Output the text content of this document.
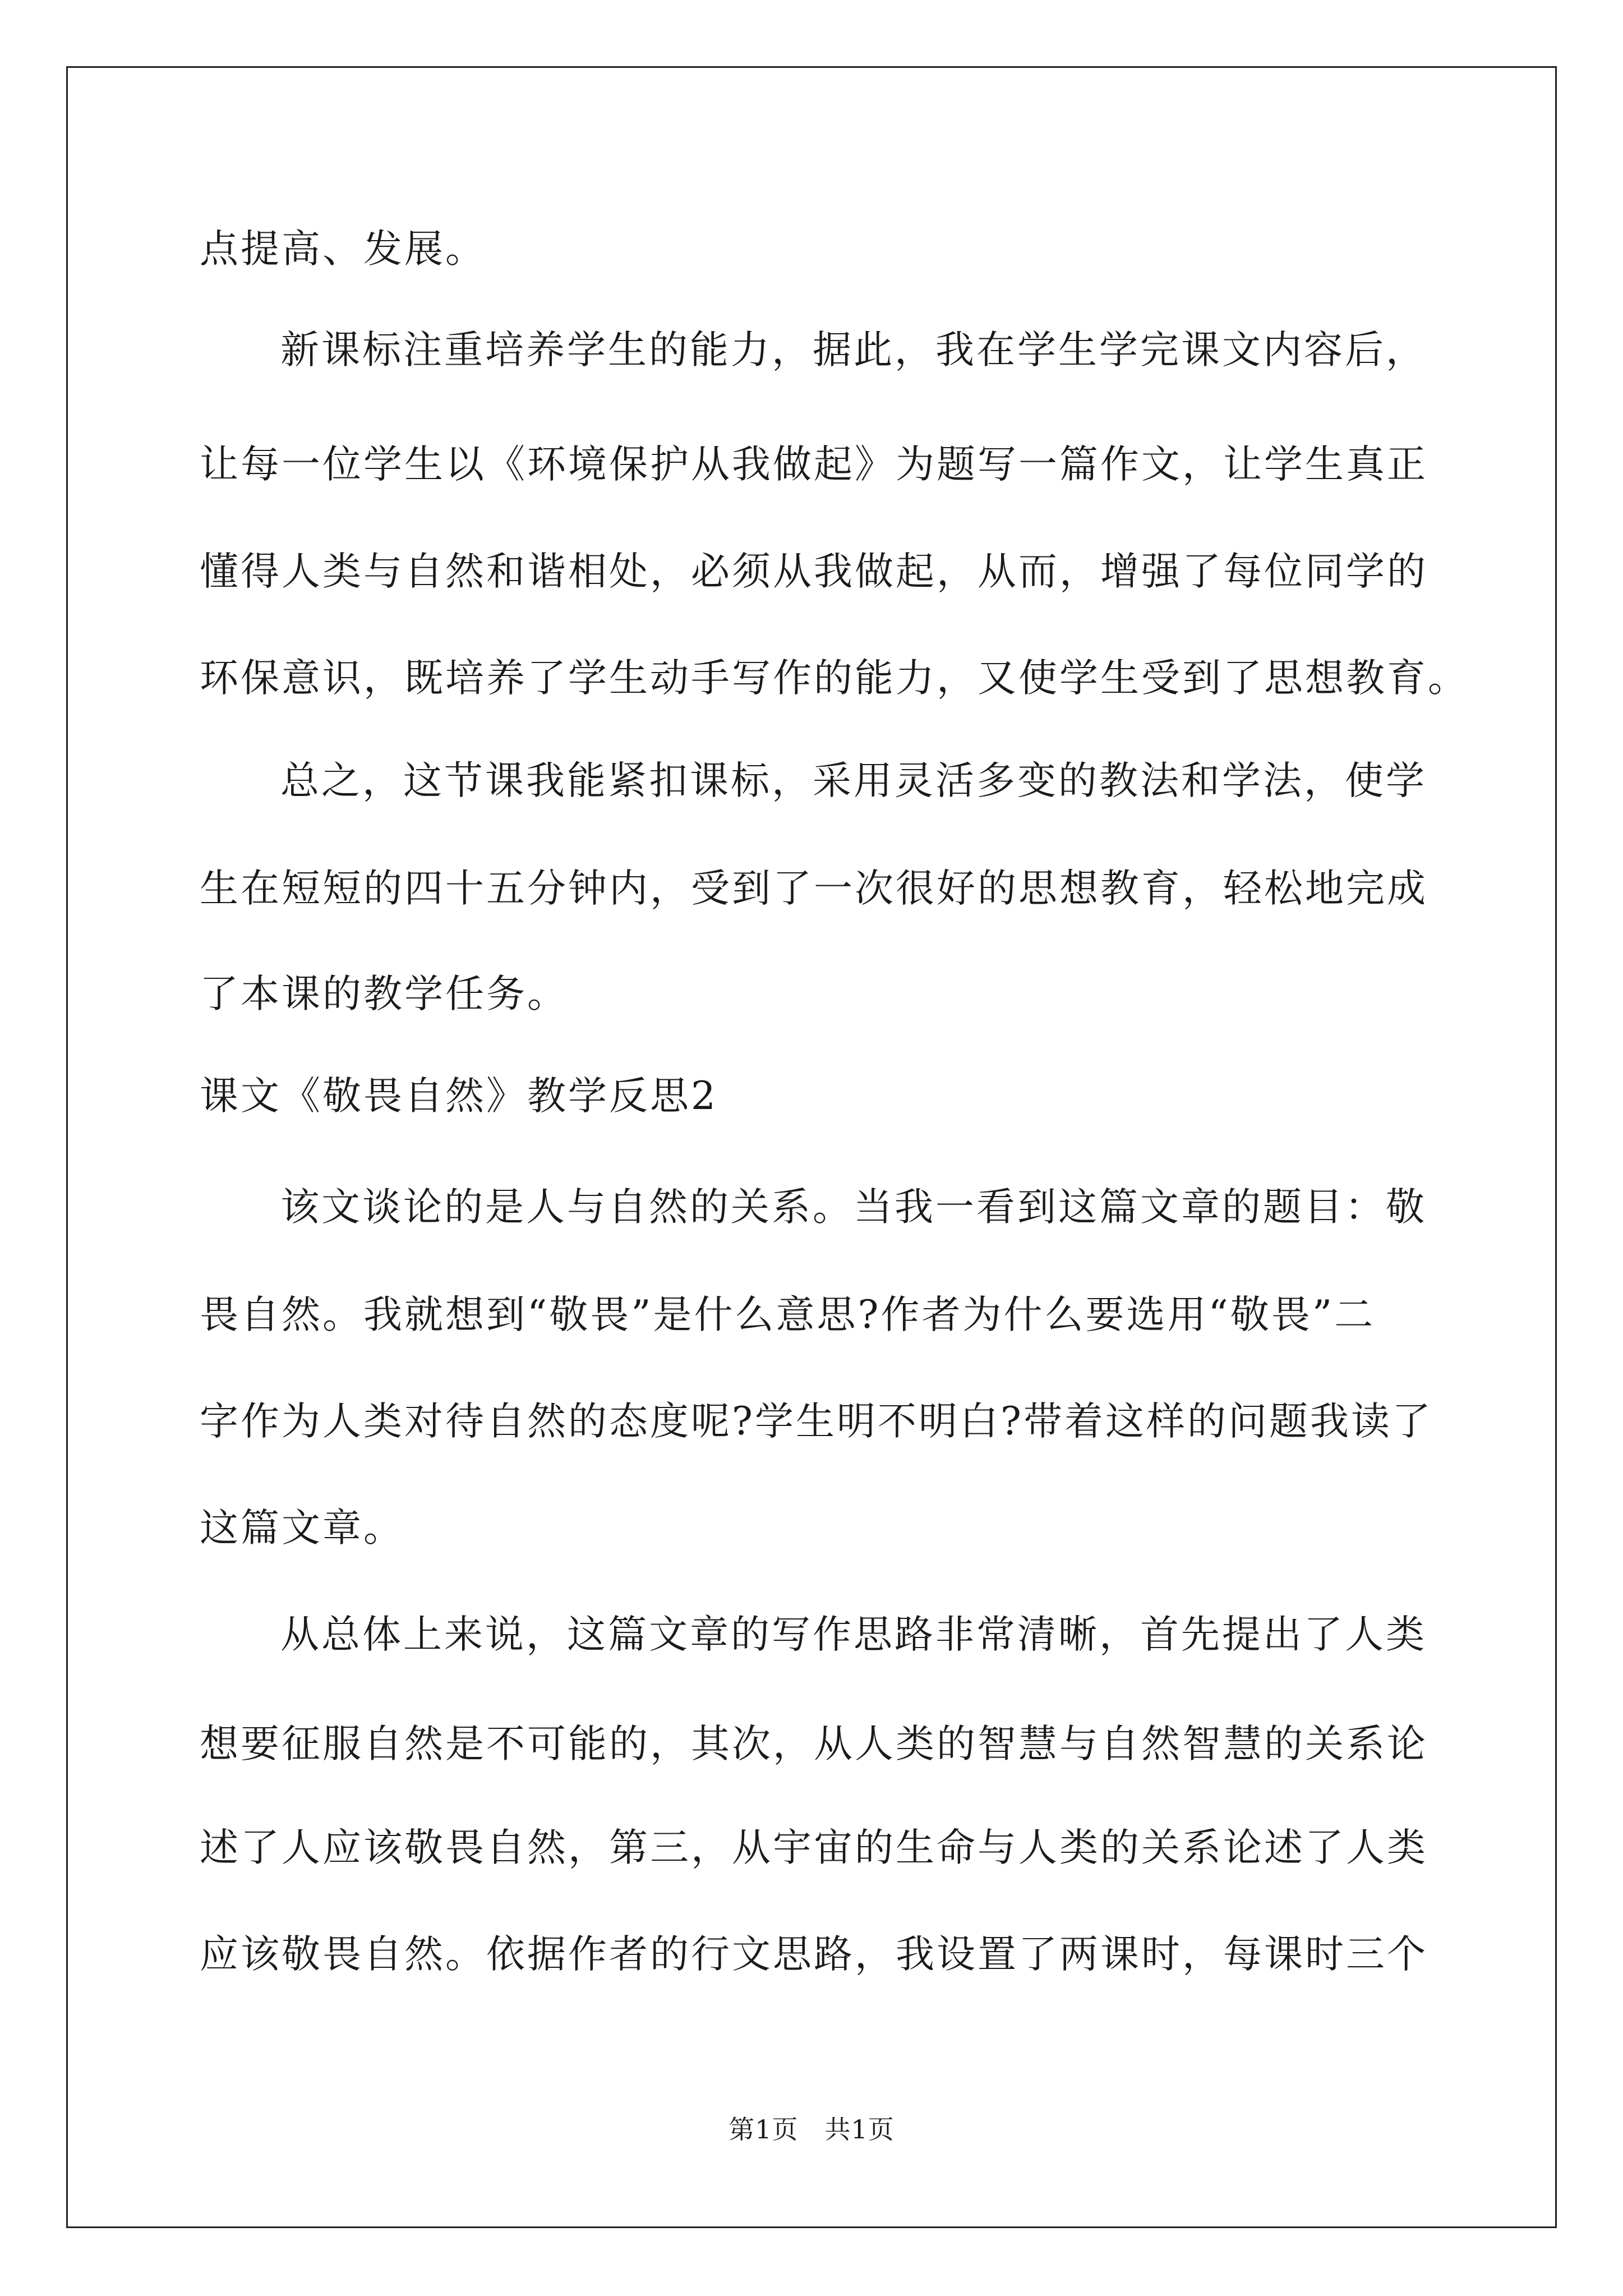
点提高、发展。
新课标注重培养学生的能力，据此，我在学生学完课文内容后，
让每一位学生以《环境保护从我做起》为题写一篇作文，让学生真正
懂得人类与自然和谐相处，必须从我做起，从而，增强了每位同学的
环保意识，既培养了学生动手写作的能力，又使学生受到了思想教育。
总之，这节课我能紧扣课标，采用灵活多变的教法和学法，使学
生在短短的四十五分钟内，受到了一次很好的思想教育，轻松地完成
了本课的教学任务。
课文《敬畏自然》教学反思2
该文谈论的是人与自然的关系。当我一看到这篇文章的题目：敬
畏自然。我就想到“敬畏”是什么意思?作者为什么要选用“敬畏”二
字作为人类对待自然的态度呢?学生明不明白?带着这样的问题我读了
这篇文章。
从总体上来说，这篇文章的写作思路非常清晰，首先提出了人类
想要征服自然是不可能的，其次，从人类的智慧与自然智慧的关系论
述了人应该敬畏自然，第三，从宇宙的生命与人类的关系论述了人类
应该敬畏自然。依据作者的行文思路，我设置了两课时，每课时三个
第1页　共1页
